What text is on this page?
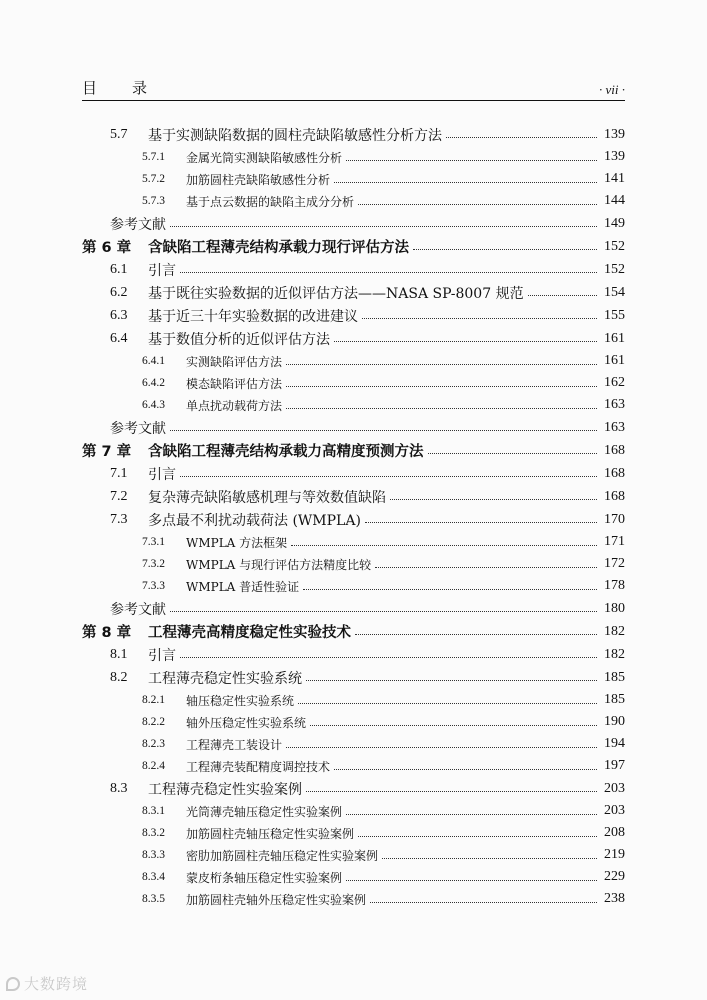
目　录	· vii ·
5.7	基于实测缺陷数据的圆柱壳缺陷敏感性分析方法	139
5.7.1	金属光筒实测缺陷敏感性分析	139
5.7.2	加筋圆柱壳缺陷敏感性分析	141
5.7.3	基于点云数据的缺陷主成分分析	144
参考文献	149
第 6 章	含缺陷工程薄壳结构承载力现行评估方法	152
6.1	引言	152
6.2	基于既往实验数据的近似评估方法——NASA SP-8007 规范	154
6.3	基于近三十年实验数据的改进建议	155
6.4	基于数值分析的近似评估方法	161
6.4.1	实测缺陷评估方法	161
6.4.2	模态缺陷评估方法	162
6.4.3	单点扰动载荷方法	163
参考文献	163
第 7 章	含缺陷工程薄壳结构承载力高精度预测方法	168
7.1	引言	168
7.2	复杂薄壳缺陷敏感机理与等效数值缺陷	168
7.3	多点最不利扰动载荷法 (WMPLA)	170
7.3.1	WMPLA 方法框架	171
7.3.2	WMPLA 与现行评估方法精度比较	172
7.3.3	WMPLA 普适性验证	178
参考文献	180
第 8 章	工程薄壳高精度稳定性实验技术	182
8.1	引言	182
8.2	工程薄壳稳定性实验系统	185
8.2.1	轴压稳定性实验系统	185
8.2.2	轴外压稳定性实验系统	190
8.2.3	工程薄壳工装设计	194
8.2.4	工程薄壳装配精度调控技术	197
8.3	工程薄壳稳定性实验案例	203
8.3.1	光筒薄壳轴压稳定性实验案例	203
8.3.2	加筋圆柱壳轴压稳定性实验案例	208
8.3.3	密肋加筋圆柱壳轴压稳定性实验案例	219
8.3.4	蒙皮桁条轴压稳定性实验案例	229
8.3.5	加筋圆柱壳轴外压稳定性实验案例	238
大数跨境
